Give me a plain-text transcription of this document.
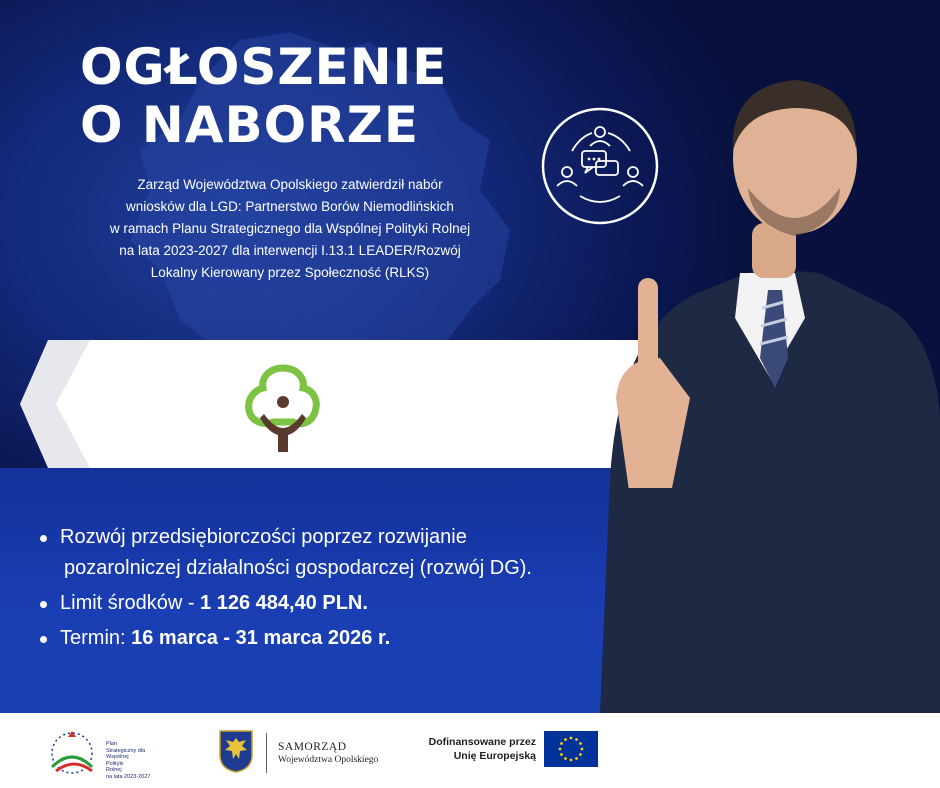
OGŁOSZENIE
O NABORZE
Zarząd Województwa Opolskiego zatwierdził nabór
wniosków dla LGD: Partnerstwo Borów Niemodlińskich
w ramach Planu Strategicznego dla Wspólnej Polityki Rolnej
na lata 2023-2027 dla interwencji I.13.1 LEADER/Rozwój
Lokalny Kierowany przez Społeczność (RLKS)
Rozwój przedsiębiorczości poprzez rozwijanie
pozarolniczej działalności gospodarczej (rozwój DG).
Limit środków - 1 126 484,40 PLN.
Termin: 16 marca - 31 marca 2026 r.
Plan
Strategiczny dla
Wspólnej
Polityki
Rolnej
na lata 2023-2027
SAMORZĄD
Województwa Opolskiego
Dofinansowane przez
Unię Europejską
